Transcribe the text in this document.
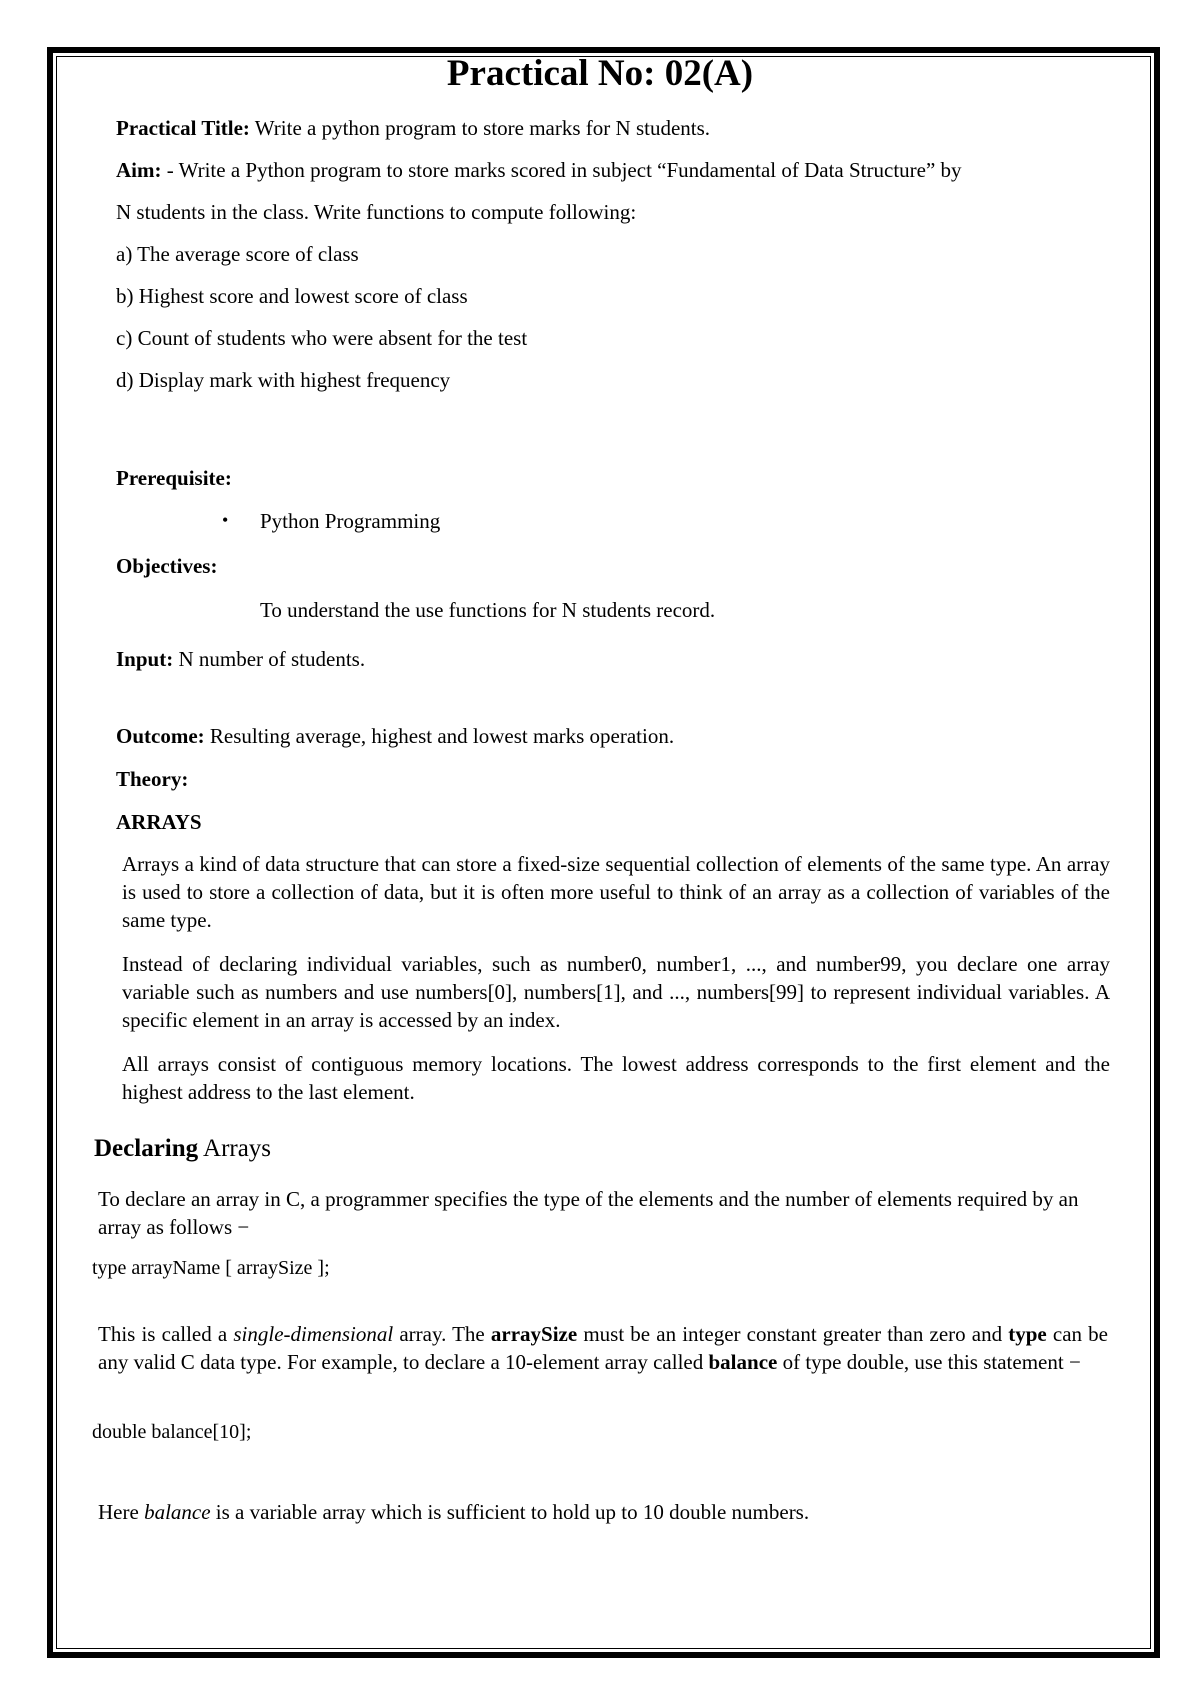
Practical No: 02(A)
Practical Title: Write a python program to store marks for N students.
Aim: - Write a Python program to store marks scored in subject “Fundamental of Data Structure” by
N students in the class. Write functions to compute following:
a) The average score of class
b) Highest score and lowest score of class
c) Count of students who were absent for the test
d) Display mark with highest frequency
Prerequisite:
• Python Programming
Objectives:
To understand the use functions for N students record.
Input: N number of students.
Outcome: Resulting average, highest and lowest marks operation.
Theory:
ARRAYS
Arrays a kind of data structure that can store a fixed-size sequential collection of elements of the same type. An array is used to store a collection of data, but it is often more useful to think of an array as a collection of variables of the same type.
Instead of declaring individual variables, such as number0, number1, ..., and number99, you declare one array variable such as numbers and use numbers[0], numbers[1], and ..., numbers[99] to represent individual variables. A specific element in an array is accessed by an index.
All arrays consist of contiguous memory locations. The lowest address corresponds to the first element and the highest address to the last element.
Declaring Arrays
To declare an array in C, a programmer specifies the type of the elements and the number of elements required by an array as follows −
type arrayName [ arraySize ];
This is called a single-dimensional array. The arraySize must be an integer constant greater than zero and type can be any valid C data type. For example, to declare a 10-element array called balance of type double, use this statement −
double balance[10];
Here balance is a variable array which is sufficient to hold up to 10 double numbers.
